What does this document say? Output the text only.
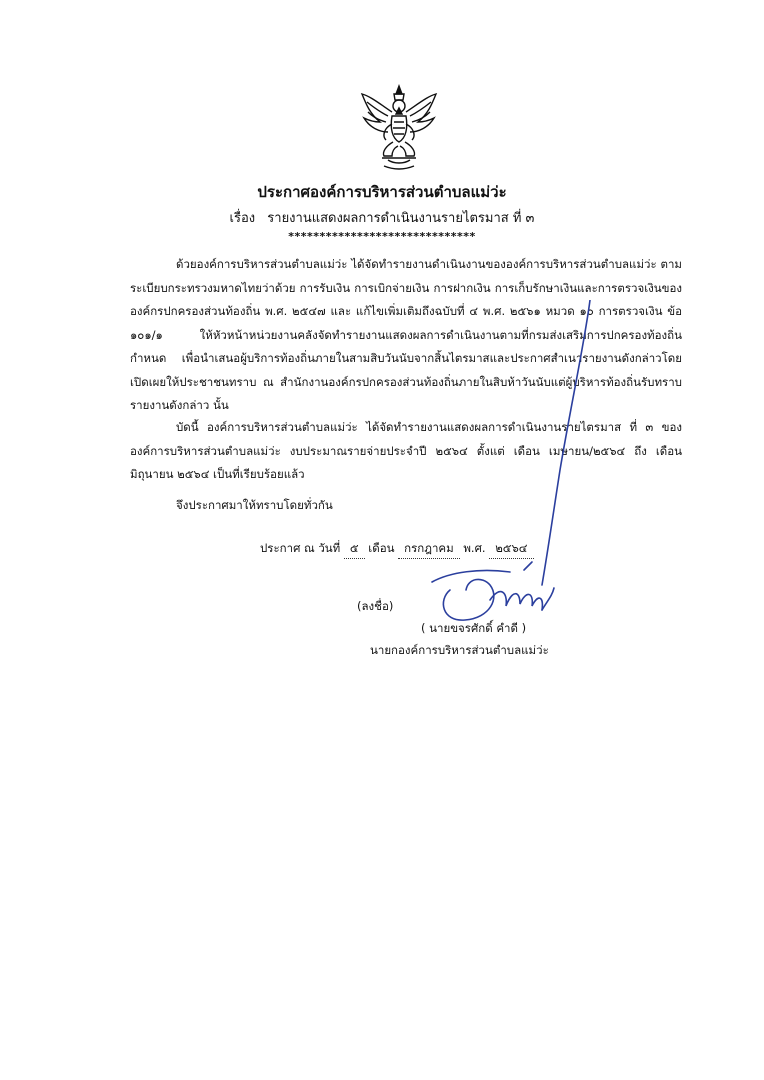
ประกาศองค์การบริหารส่วนตำบลแม่ว่ะ
เรื่อง รายงานแสดงผลการดำเนินงานรายไตรมาส ที่ ๓
******************************
ด้วยองค์การบริหารส่วนตำบลแม่ว่ะ ได้จัดทำรายงานดำเนินงานขององค์การบริหารส่วนตำบลแม่ว่ะ ตามระเบียบกระทรวงมหาดไทยว่าด้วย การรับเงิน การเบิกจ่ายเงิน การฝากเงิน การเก็บรักษาเงินและการตรวจเงินขององค์กรปกครองส่วนท้องถิ่น พ.ศ. ๒๕๔๗ และ แก้ไขเพิ่มเติมถึงฉบับที่ ๔ พ.ศ. ๒๕๖๑ หมวด ๑๐ การตรวจเงิน ข้อ ๑๐๑/๑ ให้หัวหน้าหน่วยงานคลังจัดทำรายงานแสดงผลการดำเนินงานตามที่กรมส่งเสริมการปกครองท้องถิ่นกำหนด เพื่อนำเสนอผู้บริการท้องถิ่นภายในสามสิบวันนับจากสิ้นไตรมาสและประกาศสำเนารายงานดังกล่าวโดยเปิดเผยให้ประชาชนทราบ ณ สำนักงานองค์กรปกครองส่วนท้องถิ่นภายในสิบห้าวันนับแต่ผู้บริหารท้องถิ่นรับทราบรายงานดังกล่าว นั้น
บัดนี้ องค์การบริหารส่วนตำบลแม่ว่ะ ได้จัดทำรายงานแสดงผลการดำเนินงานรายไตรมาส ที่ ๓ ขององค์การบริหารส่วนตำบลแม่ว่ะ งบประมาณรายจ่ายประจำปี ๒๕๖๔ ตั้งแต่ เดือน เมษายน/๒๕๖๔ ถึง เดือน มิถุนายน ๒๕๖๔ เป็นที่เรียบร้อยแล้ว
จึงประกาศมาให้ทราบโดยทั่วกัน
ประกาศ ณ วันที่ ๕ เดือน กรกฎาคม พ.ศ. ๒๕๖๔
(ลงชื่อ)
( นายขจรศักดิ์ คำดี )
นายกองค์การบริหารส่วนตำบลแม่ว่ะ
